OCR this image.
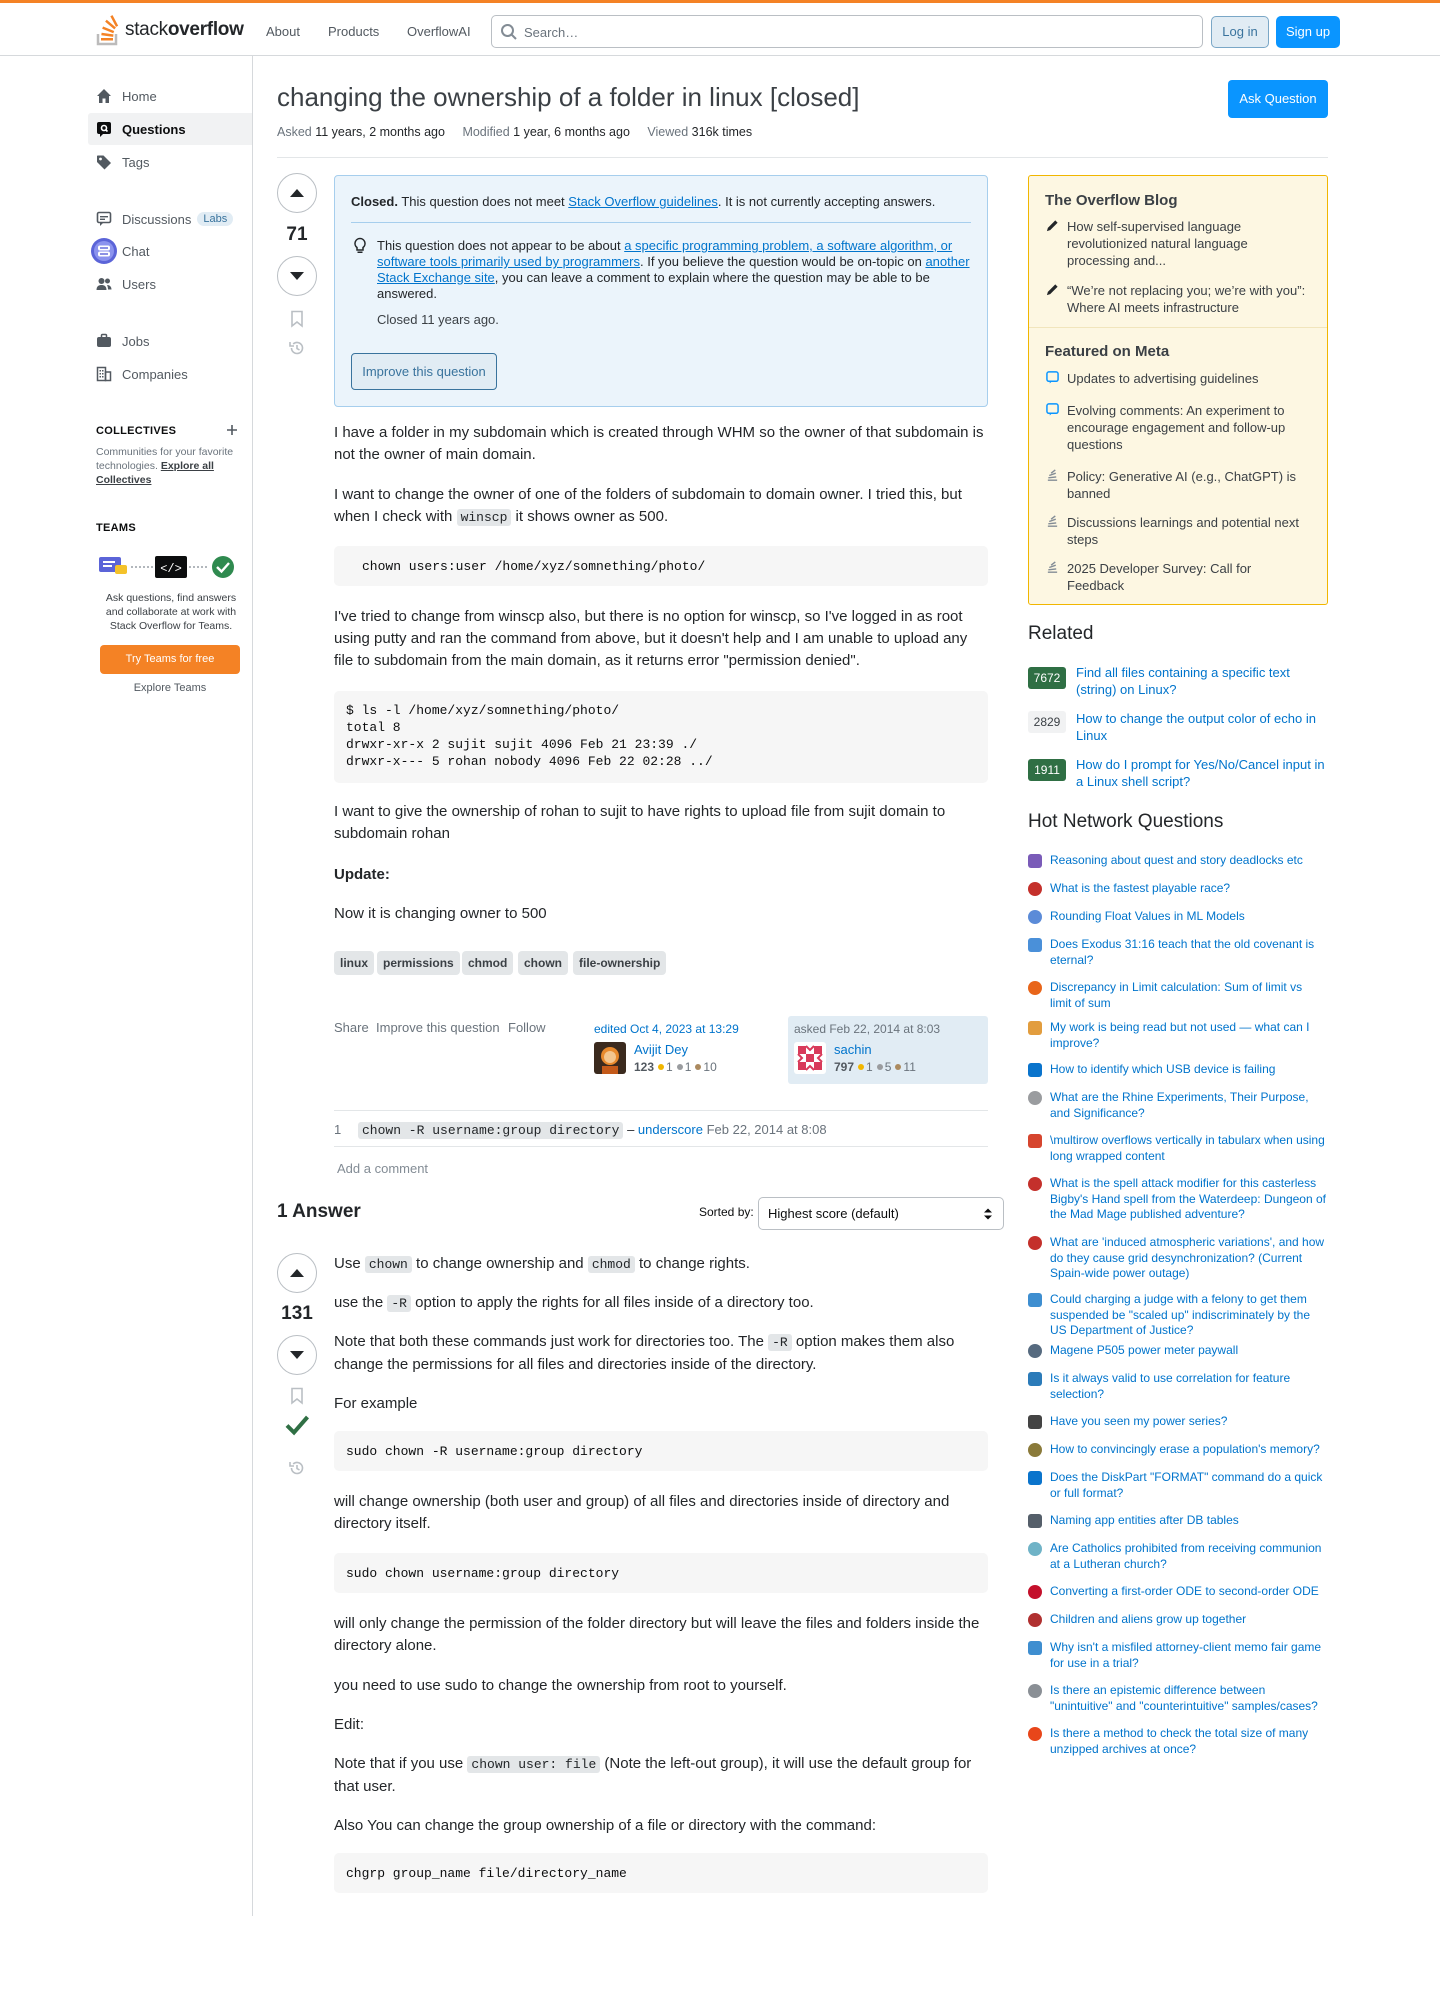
stackoverflow About Products OverflowAI
Search…	Log in	Sign up
Home
Questions
Tags
Discussions	Labs
Chat
Users
Jobs
Companies
COLLECTIVES
Communities for your favorite technologies. Explore all Collectives
TEAMS
</>
Ask questions, find answers and collaborate at work with Stack Overflow for Teams.
Try Teams for free
Explore Teams
changing the ownership of a folder in linux [closed]	Ask Question
Asked 11 years, 2 months ago Modified 1 year, 6 months ago Viewed 316k times
71

Closed. This question does not meet Stack Overflow guidelines. It is not currently accepting answers.

This question does not appear to be about a specific programming problem, a software algorithm, or software tools primarily used by programmers. If you believe the question would be on-topic on another Stack Exchange site, you can leave a comment to explain where the question may be able to be answered.

Closed 11 years ago.

Improve this question
I have a folder in my subdomain which is created through WHM so the owner of that subdomain is not the owner of main domain.
I want to change the owner of one of the folders of subdomain to domain owner. I tried this, but when I check with winscp it shows owner as 500.
chown users:user /home/xyz/somnething/photo/
I've tried to change from winscp also, but there is no option for winscp, so I've logged in as root using putty and ran the command from above, but it doesn't help and I am unable to upload any file to subdomain from the main domain, as it returns error "permission denied".
$ ls -l /home/xyz/somnething/photo/
total 8
drwxr-xr-x 2 sujit sujit 4096 Feb 21 23:39 ./
drwxr-x--- 5 rohan nobody 4096 Feb 22 02:28 ../
I want to give the ownership of rohan to sujit to have rights to upload file from sujit domain to subdomain rohan
Update:
Now it is changing owner to 500
linux	permissions	chmod	chown	file-ownership
Share Improve this question Follow	edited Oct 4, 2023 at 13:29
Avijit Dey
123 1 1 10
asked Feb 22, 2014 at 8:03
sachin
797 1 5 11
1 chown -R username:group directory – underscore Feb 22, 2014 at 8:08
Add a comment
1 Answer	Sorted by:	Highest score (default)
131
Use chown to change ownership and chmod to change rights.
use the -R option to apply the rights for all files inside of a directory too.
Note that both these commands just work for directories too. The -R option makes them also change the permissions for all files and directories inside of the directory.
For example
sudo chown -R username:group directory
will change ownership (both user and group) of all files and directories inside of directory and directory itself.
sudo chown username:group directory
will only change the permission of the folder directory but will leave the files and folders inside the directory alone.
you need to use sudo to change the ownership from root to yourself.
Edit:
Note that if you use chown user: file (Note the left-out group), it will use the default group for that user.
Also You can change the group ownership of a file or directory with the command:
chgrp group_name file/directory_name
The Overflow Blog
How self-supervised language revolutionized natural language processing and...
“We’re not replacing you; we’re with you”: Where AI meets infrastructure
Featured on Meta
Updates to advertising guidelines
Evolving comments: An experiment to encourage engagement and follow-up questions
Policy: Generative AI (e.g., ChatGPT) is banned
Discussions learnings and potential next steps
2025 Developer Survey: Call for Feedback
Related
7672	Find all files containing a specific text (string) on Linux?
2829	How to change the output color of echo in Linux
1911	How do I prompt for Yes/No/Cancel input in a Linux shell script?
Hot Network Questions
Reasoning about quest and story deadlocks etc
What is the fastest playable race?
Rounding Float Values in ML Models
Does Exodus 31:16 teach that the old covenant is eternal?
Discrepancy in Limit calculation: Sum of limit vs limit of sum
My work is being read but not used — what can I improve?
How to identify which USB device is failing
What are the Rhine Experiments, Their Purpose, and Significance?
\multirow overflows vertically in tabularx when using long wrapped content
What is the spell attack modifier for this casterless Bigby's Hand spell from the Waterdeep: Dungeon of the Mad Mage published adventure?
What are 'induced atmospheric variations', and how do they cause grid desynchronization? (Current Spain-wide power outage)
Could charging a judge with a felony to get them suspended be "scaled up" indiscriminately by the US Department of Justice?
Magene P505 power meter paywall
Is it always valid to use correlation for feature selection?
Have you seen my power series?
How to convincingly erase a population's memory?
Does the DiskPart "FORMAT" command do a quick or full format?
Naming app entities after DB tables
Are Catholics prohibited from receiving communion at a Lutheran church?
Converting a first-order ODE to second-order ODE
Children and aliens grow up together
Why isn't a misfiled attorney-client memo fair game for use in a trial?
Is there an epistemic difference between "unintuitive" and "counterintuitive" samples/cases?
Is there a method to check the total size of many unzipped archives at once?
